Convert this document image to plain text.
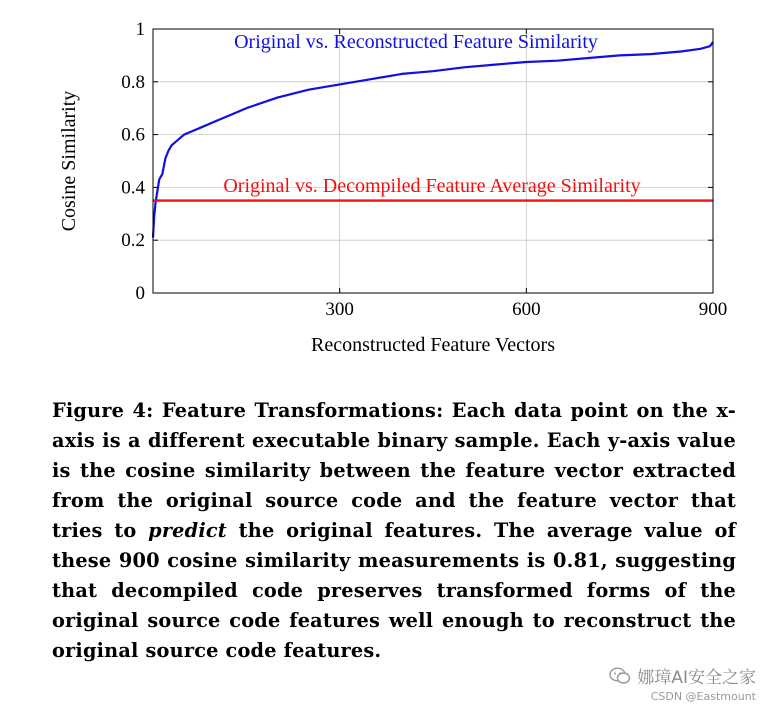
300	600	900
0
0.2
0.4
0.6
0.8
1
Original vs. Reconstructed Feature Similarity
Original vs. Decompiled Feature Average Similarity
Reconstructed Feature Vectors
Cosine Similarity
Figure 4: Feature Transformations: Each data point on the x-axis is a different executable binary sample. Each y-axis value is the cosine similarity between the feature vector extracted from the original source code and the feature vector that tries to predict the original features. The average value of these 900 cosine similarity measurements is 0.81, suggesting that decompiled code preserves transformed forms of the original source code features well enough to reconstruct the original source code features.
娜璋AI安全之家
CSDN @Eastmount
